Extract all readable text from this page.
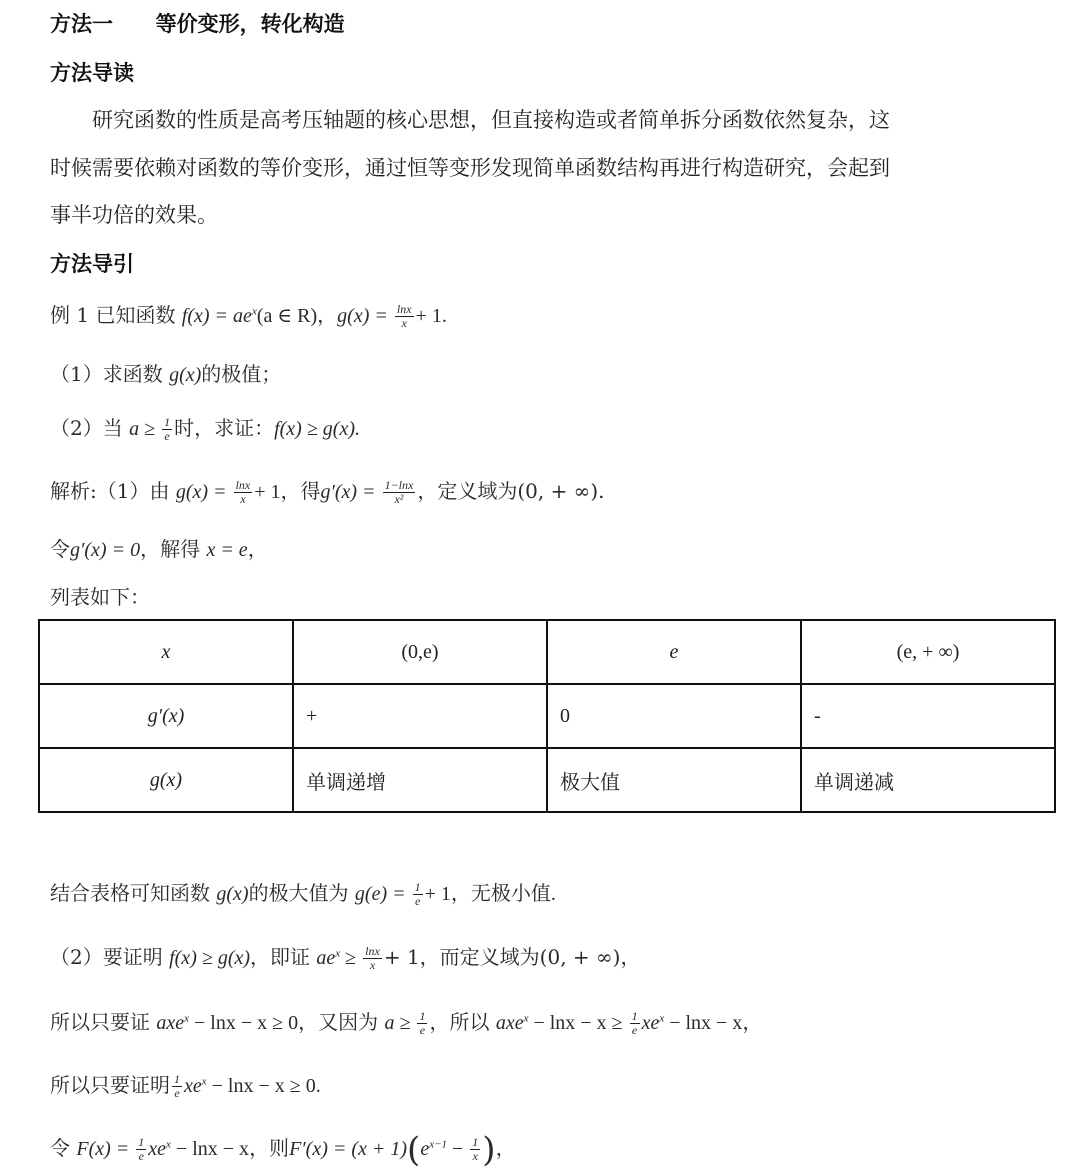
方法一 等价变形，转化构造
方法导读
研究函数的性质是高考压轴题的核心思想，但直接构造或者简单拆分函数依然复杂，这
时候需要依赖对函数的等价变形，通过恒等变形发现简单函数结构再进行构造研究，会起到
事半功倍的效果。
方法导引
例 1 已知函数 $f(x) = ae^x(a$ ∈ R)，$g(x) = \frac{\ln x}{x} + 1$.
（1）求函数 g(x)的极值；
（2）当 $a \ge \frac{1}{e}$ 时，求证：f(x) ≥ g(x).
解析:（1）由 $g(x) = \frac{\ln x}{x} + 1$，得$g'(x) = \frac{1-\ln x}{\text{x²}}$ ，定义域为(0, + ∞).
令g′(x) = 0，解得 x = e，
列表如下：
x	(0,e)	e	(e, + ∞)
g′(x)	+	0	-
g(x)	单调递增	极大值	单调递减
结合表格可知函数 g(x)的极大值为 $g(e) = \frac{1}{e} + 1$，无极小值.
（2）要证明 f(x) ≥ g(x)，即证 $ae^x \ge \frac{\ln x}{x} + 1$，而定义域为(0, + ∞)，
所以只要证 axe$^x$ − lnx − x ≥ 0，又因为 $a \ge \frac{1}{e}$ ，所以 $axe^x - \ln x - x \ge \frac{1}{e} xe^x - \ln x - x$，
所以只要证明 $\frac{1}{e} xe^x - \ln x - x \ge 0$.
令 $F(x) = \frac{1}{e} xe^x - \ln x - x$，则$F'(x) = (x + 1)(e^{x-1} - \frac{1}{x}$ )，
